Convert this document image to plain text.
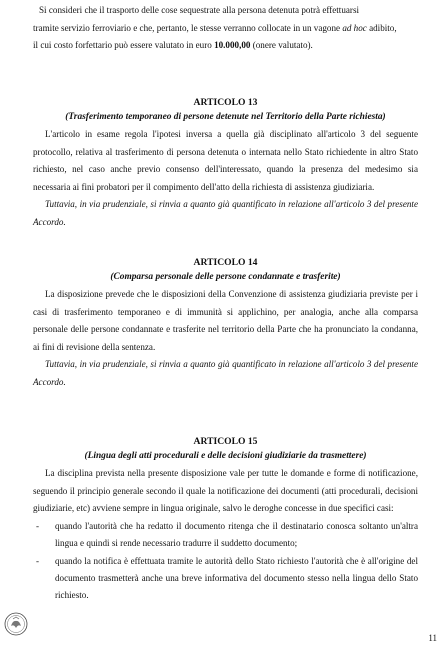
Si consideri che il trasporto delle cose sequestrate alla persona detenuta potrà effettuarsi

tramite servizio ferroviario e che, pertanto, le stesse verranno collocate in un vagone ad hoc adibito,

il cui costo forfettario può essere valutato in euro 10.000,00 (onere valutato).

ARTICOLO 13

(Trasferimento temporaneo di persone detenute nel Territorio della Parte richiesta)

L'articolo in esame regola l'ipotesi inversa a quella già disciplinato all'articolo 3 del seguente protocollo, relativa al trasferimento di persona detenuta o internata nello Stato richiedente in altro Stato richiesto, nel caso anche previo consenso dell'interessato, quando la presenza del medesimo sia necessaria ai fini probatori per il compimento dell'atto della richiesta di assistenza giudiziaria.

Tuttavia, in via prudenziale, si rinvia a quanto già quantificato in relazione all'articolo 3 del presente Accordo.

ARTICOLO 14

(Comparsa personale delle persone condannate e trasferite)

La disposizione prevede che le disposizioni della Convenzione di assistenza giudiziaria previste per i casi di trasferimento temporaneo e di immunità si applichino, per analogia, anche alla comparsa personale delle persone condannate e trasferite nel territorio della Parte che ha pronunciato la condanna, ai fini di revisione della sentenza.

Tuttavia, in via prudenziale, si rinvia a quanto già quantificato in relazione all'articolo 3 del presente Accordo.

ARTICOLO 15

(Lingua degli atti procedurali e delle decisioni giudiziarie da trasmettere)

La disciplina prevista nella presente disposizione vale per tutte le domande e forme di notificazione, seguendo il principio generale secondo il quale la notificazione dei documenti (atti procedurali, decisioni giudiziarie, etc) avviene sempre in lingua originale, salvo le deroghe concesse in due specifici casi:

- quando l'autorità che ha redatto il documento ritenga che il destinatario conosca soltanto un'altra lingua e quindi si rende necessario tradurre il suddetto documento;
- quando la notifica è effettuata tramite le autorità dello Stato richiesto l'autorità che è all'origine del documento trasmetterà anche una breve informativa del documento stesso nella lingua dello Stato richiesto.
11
